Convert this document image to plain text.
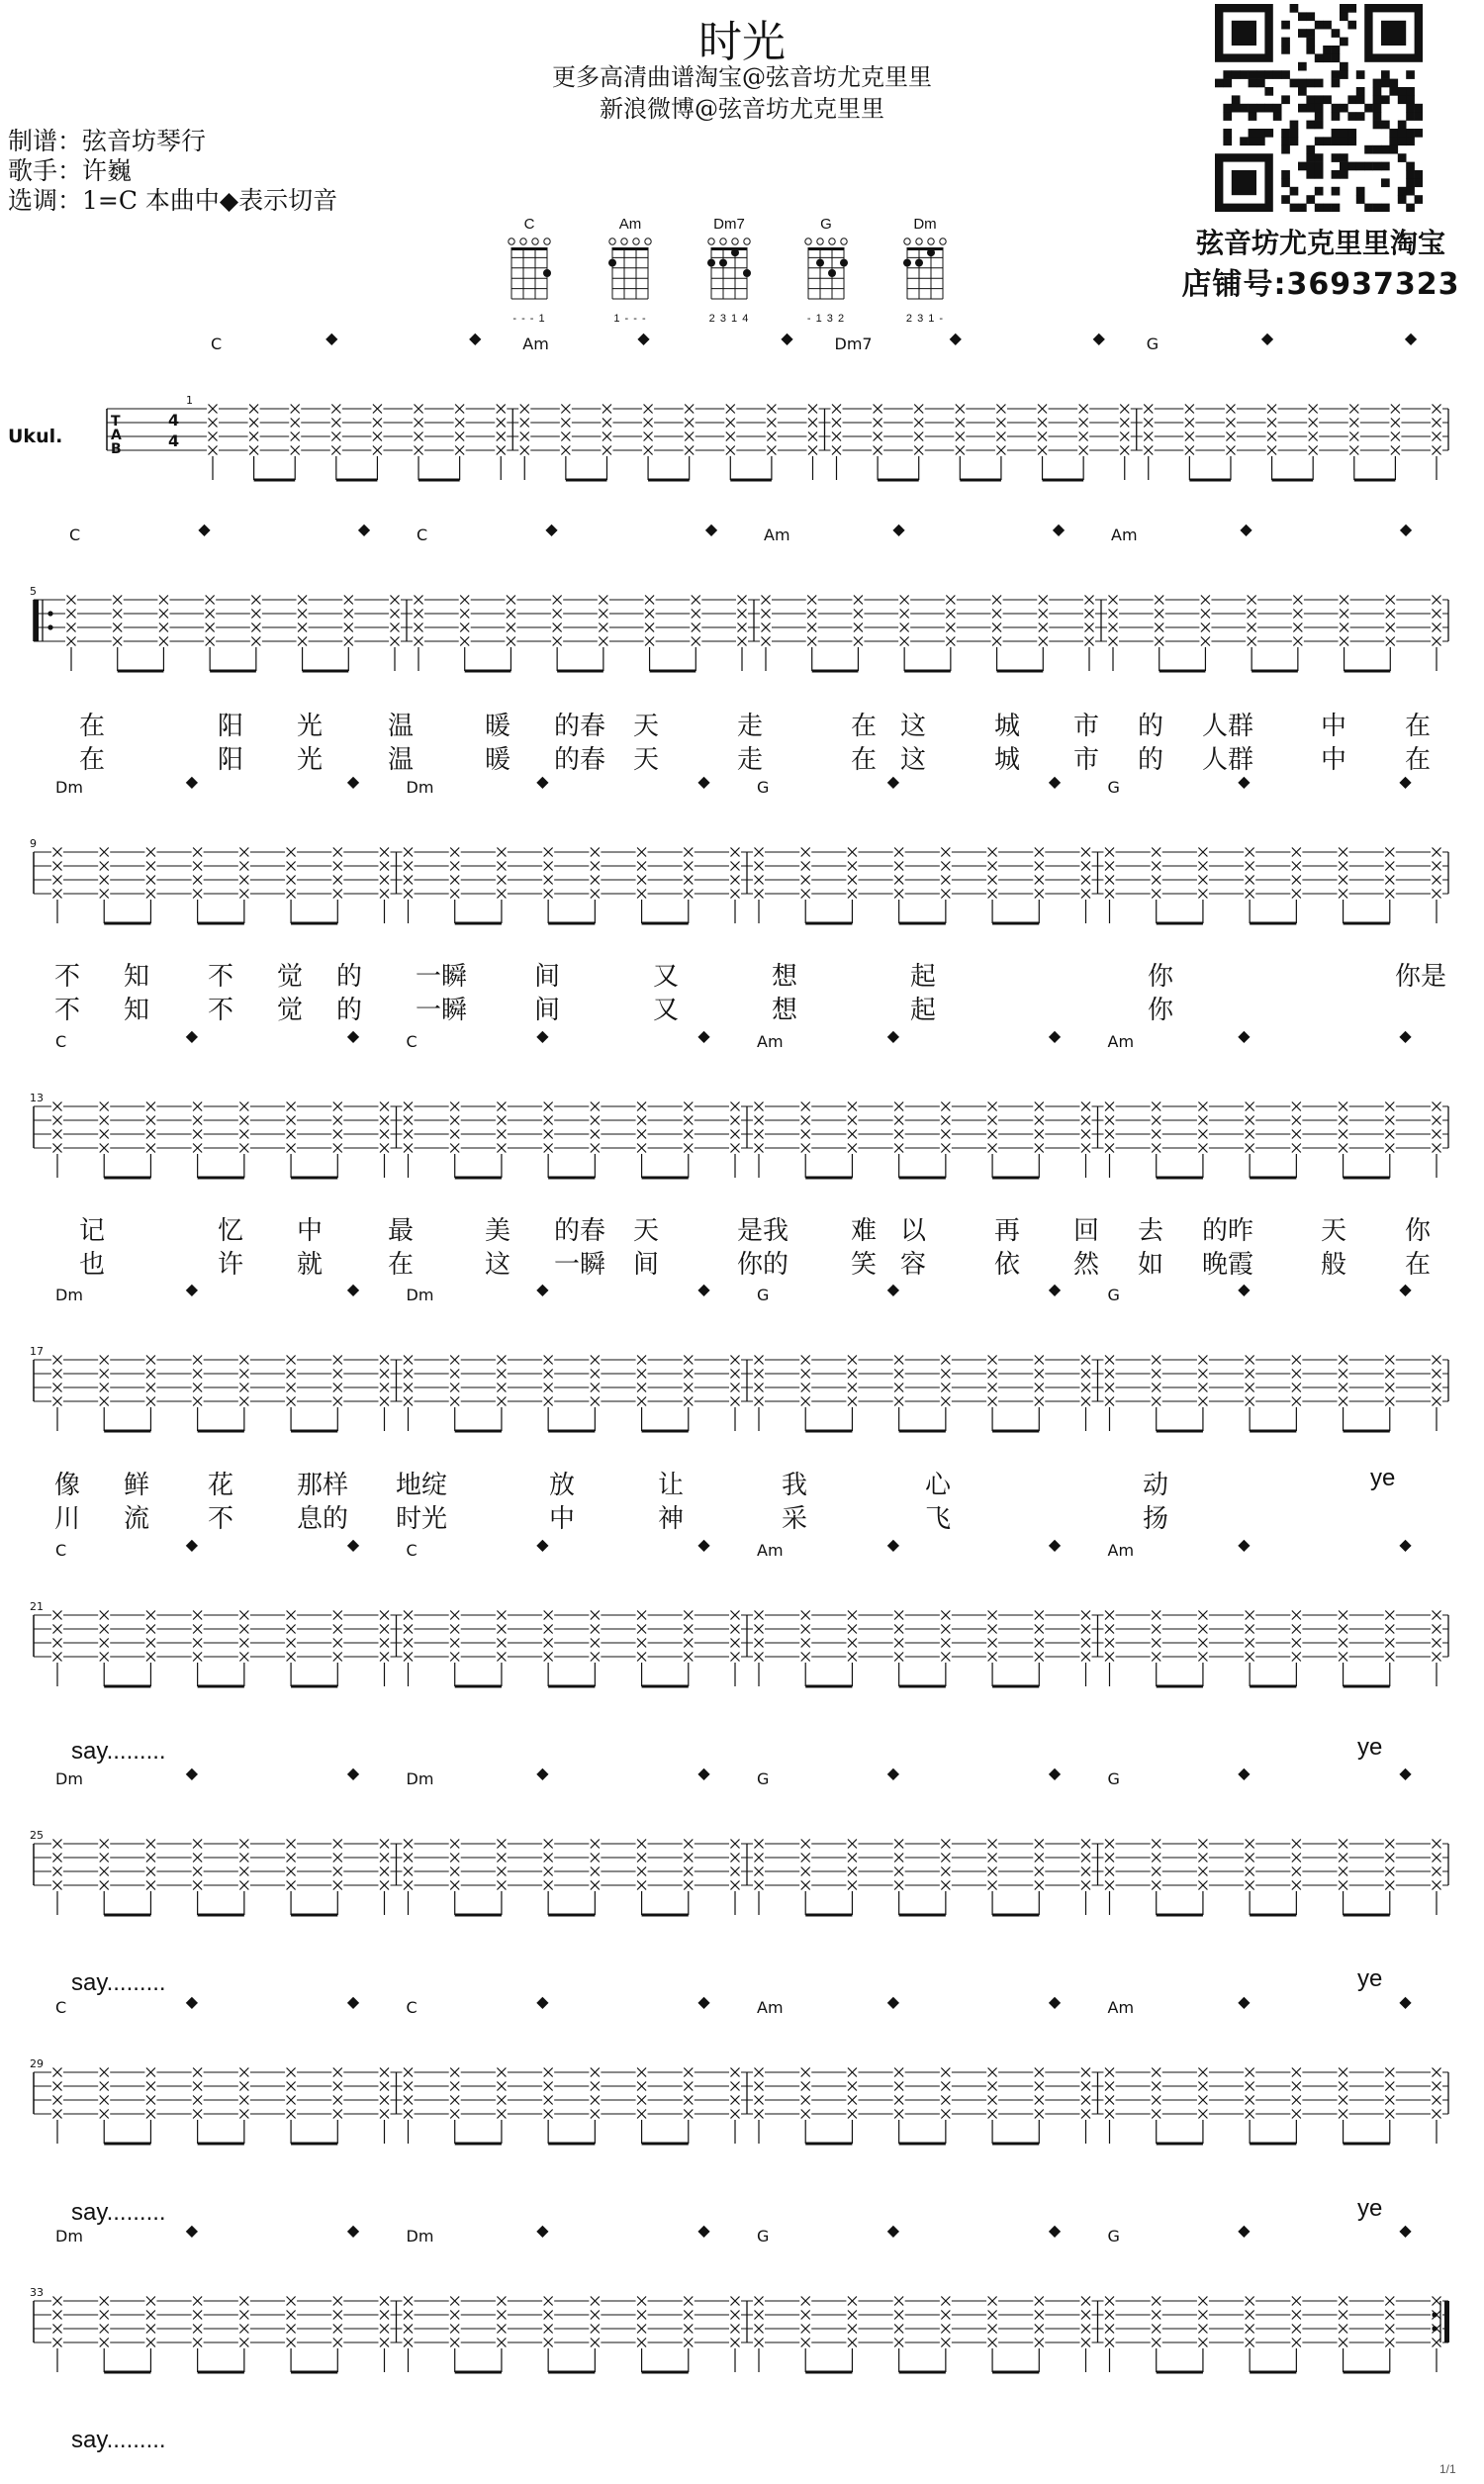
时光
更多高清曲谱淘宝@弦音坊尤克里里
新浪微博@弦音坊尤克里里
制谱：弦音坊琴行
歌手：许巍
选调：1=C 本曲中◆表示切音
弦音坊尤克里里淘宝
店铺号:36937323
C
- - - 1
Am
1 - - -
Dm7
2 3 1 4
G
- 1 3 2
Dm
2 3 1 -
Ukul.
T
A
B
4
4
1
C	◆	◆	Am	◆	◆	Dm7	◆	◆	G	◆	◆
5
C	◆	◆	C	◆	◆	Am	◆	◆	Am	◆	◆
9
Dm	◆	◆	Dm	◆	◆	G	◆	◆	G	◆	◆
13
C	◆	◆	C	◆	◆	Am	◆	◆	Am	◆	◆
17
Dm	◆	◆	Dm	◆	◆	G	◆	◆	G	◆	◆
21
C	◆	◆	C	◆	◆	Am	◆	◆	Am	◆	◆
25
Dm	◆	◆	Dm	◆	◆	G	◆	◆	G	◆	◆
29
C	◆	◆	C	◆	◆	Am	◆	◆	Am	◆	◆
33
Dm	◆	◆	Dm	◆	◆	G	◆	◆	G	◆	◆
在	阳 光	温	暖 的春 天	走	在 这	城 市 的 人群	中 在
在	阳 光	温	暖 的春 天	走	在 这	城 市 的 人群	中 在
不 知 不 觉 的 一瞬	间	又	想	起	你	你是
不 知 不 觉 的 一瞬	间	又	想	起	你
记	忆 中	最	美 的春 天	是我 难 以	再 回 去 的昨	天 你
也	许 就	在	这 一瞬 间	你的 笑 容	依 然 如 晚霞	般 在
像 鲜 花 那样 地绽	放	让	我	心	动	ye
川 流 不 息的 时光	中	神	采	飞	扬
say.........	ye
say.........	ye
say.........	ye
say.........
1/1
